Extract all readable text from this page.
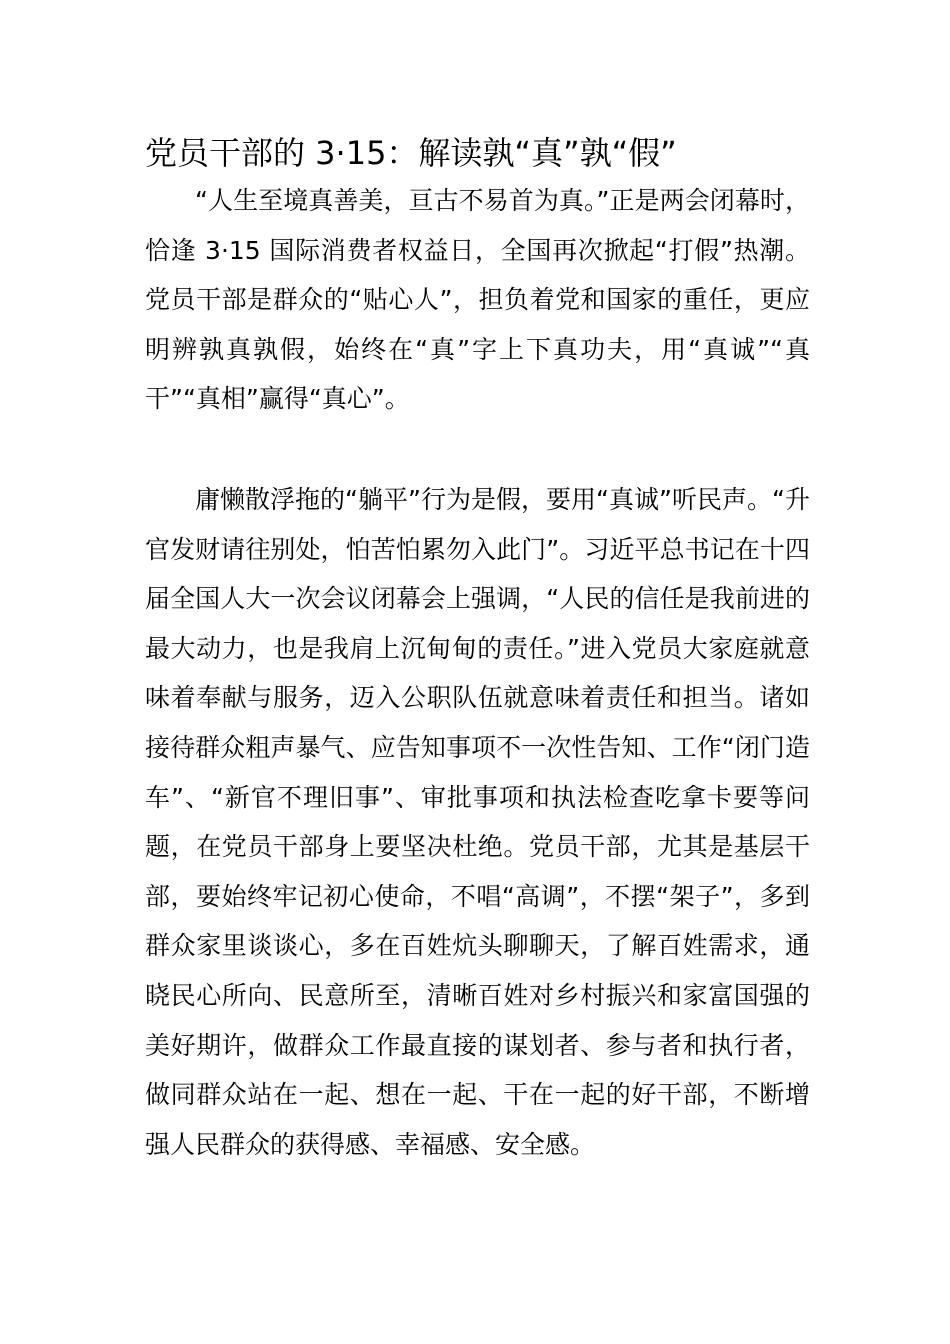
党员干部的 3·15：解读孰“真”孰“假”

“人生至境真善美，亘古不易首为真。”正是两会闭幕时，恰逢 3·15 国际消费者权益日，全国再次掀起“打假”热潮。党员干部是群众的“贴心人”，担负着党和国家的重任，更应明辨孰真孰假，始终在“真”字上下真功夫，用“真诚”“真干”“真相”赢得“真心”。

庸懒散浮拖的“躺平”行为是假，要用“真诚”听民声。“升官发财请往别处，怕苦怕累勿入此门”。习近平总书记在十四届全国人大一次会议闭幕会上强调，“人民的信任是我前进的最大动力，也是我肩上沉甸甸的责任。”进入党员大家庭就意味着奉献与服务，迈入公职队伍就意味着责任和担当。诸如接待群众粗声暴气、应告知事项不一次性告知、工作“闭门造车”、“新官不理旧事”、审批事项和执法检查吃拿卡要等问题，在党员干部身上要坚决杜绝。党员干部，尤其是基层干部，要始终牢记初心使命，不唱“高调”，不摆“架子”，多到群众家里谈谈心，多在百姓炕头聊聊天，了解百姓需求，通晓民心所向、民意所至，清晰百姓对乡村振兴和家富国强的美好期许，做群众工作最直接的谋划者、参与者和执行者，做同群众站在一起、想在一起、干在一起的好干部，不断增强人民群众的获得感、幸福感、安全感。
